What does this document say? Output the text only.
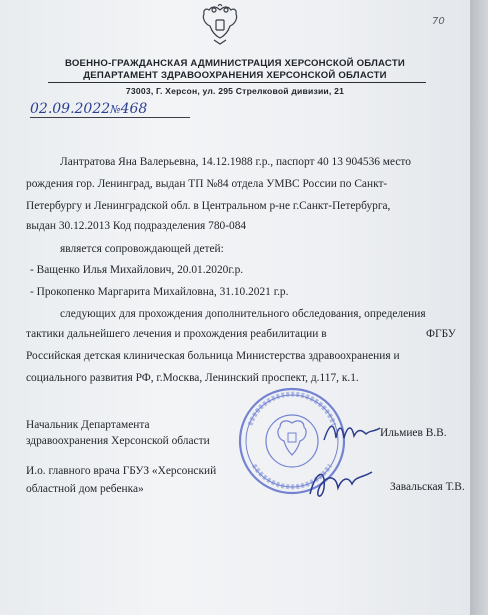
70
ВОЕННО-ГРАЖДАНСКАЯ АДМИНИСТРАЦИЯ ХЕРСОНСКОЙ ОБЛАСТИ
ДЕПАРТАМЕНТ ЗДРАВООХРАНЕНИЯ ХЕРСОНСКОЙ ОБЛАСТИ
73003, Г. Херсон, ул. 295 Стрелковой дивизии, 21
02.09.2022№468
Лантратова Яна Валерьевна, 14.12.1988 г.р., паспорт 40 13 904536 место
рождения гор. Ленинград, выдан ТП №84 отдела УМВС России по Санкт-
Петербургу и Ленинградской обл. в Центральном р-не г.Санкт-Петербурга,
выдан 30.12.2013 Код подразделения 780-084
является сопровождающей детей:
- Ващенко Илья Михайлович, 20.01.2020г.р.
- Прокопенко Маргарита Михайловна, 31.10.2021 г.р.
следующих для прохождения дополнительного обследования, определения
тактики дальнейшего лечения и прохождения реабилитации в	ФГБУ
Российская детская клиническая больница Министерства здравоохранения и
социального развития РФ, г.Москва, Ленинский проспект, д.117, к.1.
Начальник Департамента
здравоохранения Херсонской области
Ильмиев В.В.
И.о. главного врача ГБУЗ «Херсонский
областной дом ребенка»	Завальская Т.В.
